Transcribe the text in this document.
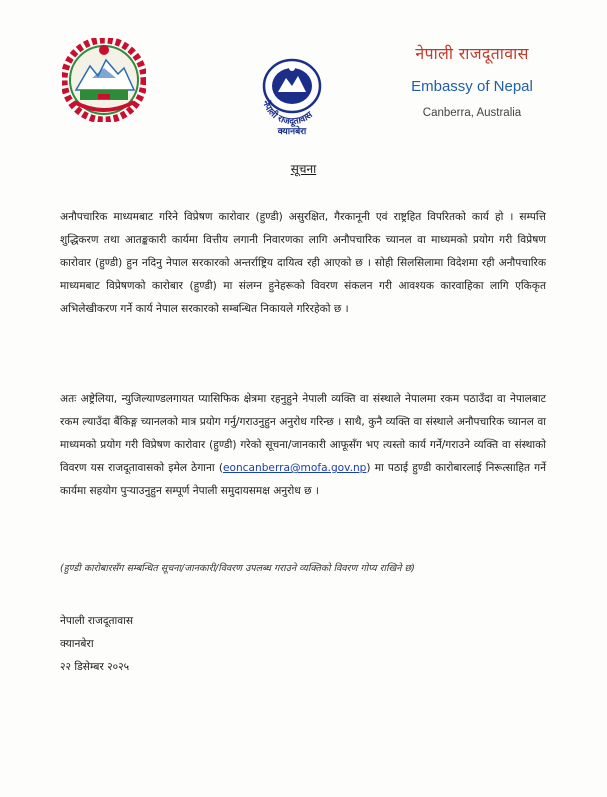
नेपाली राजदूतावास
क्यानबेरा
नेपाली राजदूतावास
Embassy of Nepal
Canberra, Australia
सूचना
अनौपचारिक माध्यमबाट गरिने विप्रेषण कारोवार (हुण्डी) असुरक्षित, गैरकानूनी एवं राष्ट्रहित विपरितको कार्य हो । सम्पत्ति शुद्धिकरण तथा आतङ्ककारी कार्यमा वित्तीय लगानी निवारणका लागि अनौपचारिक च्यानल वा माध्यमको प्रयोग गरी विप्रेषण कारोवार (हुण्डी) हुन नदिनु नेपाल सरकारको अन्तर्राष्ट्रिय दायित्व रही आएको छ । सोही सिलसिलामा विदेशमा रही अनौपचारिक माध्यमबाट विप्रेषणको कारोबार (हुण्डी) मा संलग्न हुनेहरूको विवरण संकलन गरी आवश्यक कारवाहिका लागि एकिकृत अभिलेखीकरण गर्ने कार्य नेपाल सरकारको सम्बन्धित निकायले गरिरहेको छ ।
अतः अष्ट्रेलिया, न्युजिल्याण्डलगायत प्यासिफिक क्षेत्रमा रहनुहुने नेपाली व्यक्ति वा संस्थाले नेपालमा रकम पठाउँदा वा नेपालबाट रकम ल्याउँदा बैंकिङ्ग च्यानलको मात्र प्रयोग गर्नु/गराउनुहुन अनुरोध गरिन्छ । साथै, कुनै व्यक्ति वा संस्थाले अनौपचारिक च्यानल वा माध्यमको प्रयोग गरी विप्रेषण कारोवार (हुण्डी) गरेको सूचना/जानकारी आफूसँग भए त्यस्तो कार्य गर्ने/गराउने व्यक्ति वा संस्थाको विवरण यस राजदूतावासको इमेल ठेगाना (eoncanberra@mofa.gov.np) मा पठाई हुण्डी कारोबारलाई निरूत्साहित गर्ने कार्यमा सहयोग पुऱ्याउनुहुन सम्पूर्ण नेपाली समुदायसमक्ष अनुरोध छ ।
(हुण्डी कारोबारसँग सम्बन्धित सूचना/जानकारी/विवरण उपलब्ध गराउने व्यक्तिको विवरण गोप्य राखिने छ)
नेपाली राजदूतावास
क्यानबेरा
२२ डिसेम्बर २०२५
